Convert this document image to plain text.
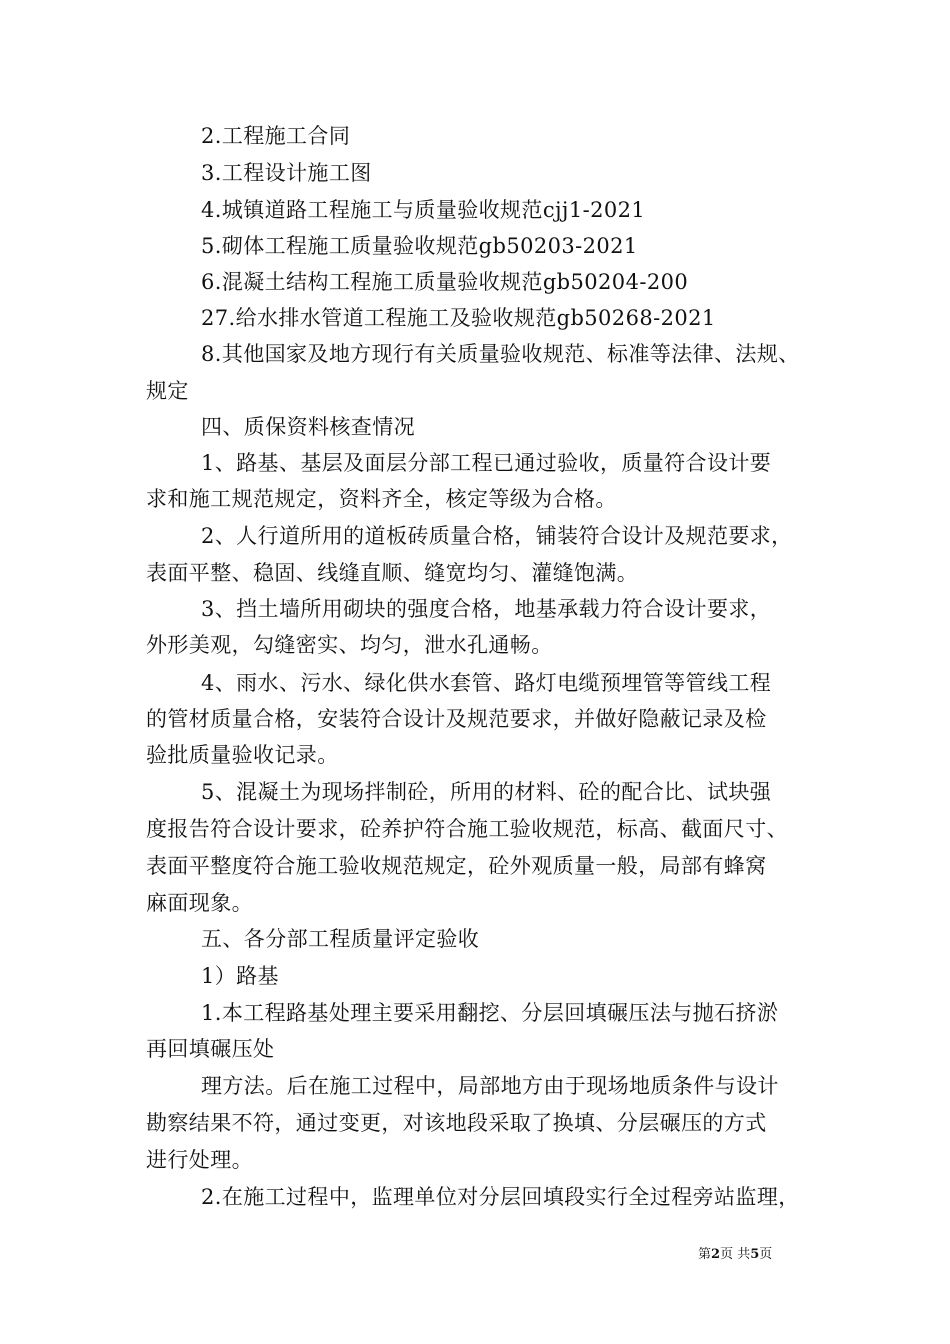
2.工程施工合同
3.工程设计施工图
4.城镇道路工程施工与质量验收规范cjj1-2021
5.砌体工程施工质量验收规范gb50203-2021
6.混凝土结构工程施工质量验收规范gb50204-200
27.给水排水管道工程施工及验收规范gb50268-2021
8.其他国家及地方现行有关质量验收规范、标准等法律、法规、
规定
四、质保资料核查情况
1、路基、基层及面层分部工程已通过验收，质量符合设计要
求和施工规范规定，资料齐全，核定等级为合格。
2、人行道所用的道板砖质量合格，铺装符合设计及规范要求，
表面平整、稳固、线缝直顺、缝宽均匀、灌缝饱满。
3、挡土墙所用砌块的强度合格，地基承载力符合设计要求，
外形美观，勾缝密实、均匀，泄水孔通畅。
4、雨水、污水、绿化供水套管、路灯电缆预埋管等管线工程
的管材质量合格，安装符合设计及规范要求，并做好隐蔽记录及检
验批质量验收记录。
5、混凝土为现场拌制砼，所用的材料、砼的配合比、试块强
度报告符合设计要求，砼养护符合施工验收规范，标高、截面尺寸、
表面平整度符合施工验收规范规定，砼外观质量一般，局部有蜂窝
麻面现象。
五、各分部工程质量评定验收
1）路基
1.本工程路基处理主要采用翻挖、分层回填碾压法与抛石挤淤
再回填碾压处
理方法。后在施工过程中，局部地方由于现场地质条件与设计
勘察结果不符，通过变更，对该地段采取了换填、分层碾压的方式
进行处理。
2.在施工过程中，监理单位对分层回填段实行全过程旁站监理，
第2页 共5页
